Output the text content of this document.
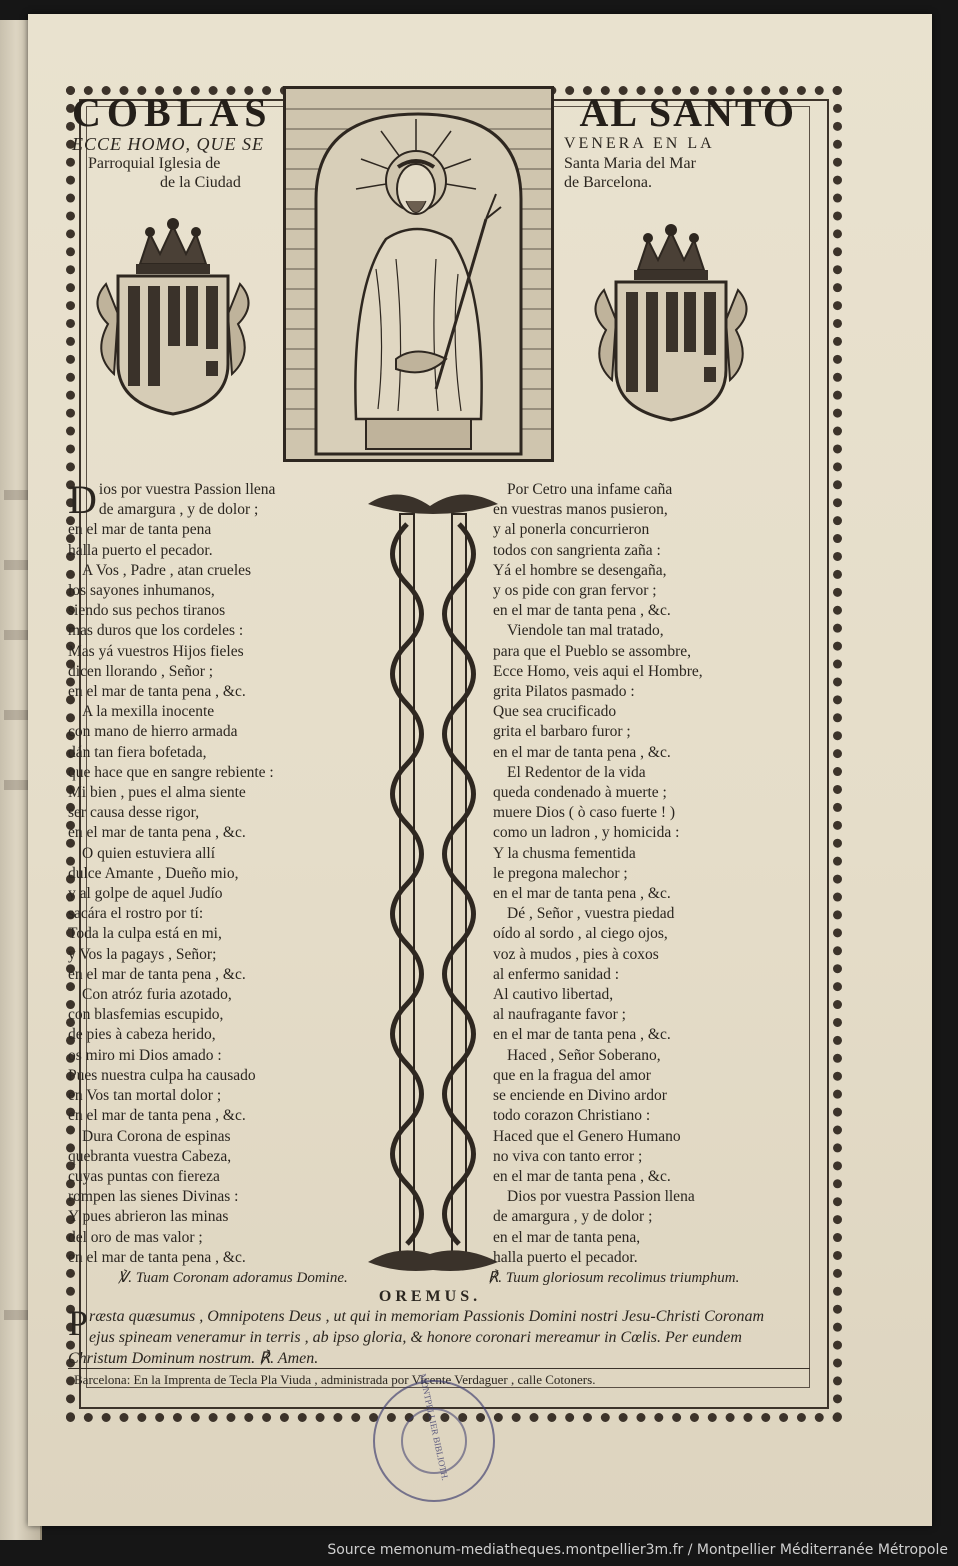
COBLAS
ECCE HOMO, QUE SE
Parroquial Iglesia de
de la Ciudad
AL SANTO
VENERA EN LA
Santa Maria del Mar
de Barcelona.
D ios por vuestra Passion llena
de amargura , y de dolor ;
en el mar de tanta pena
halla puerto el pecador.
A Vos , Padre , atan crueles
los sayones inhumanos,
siendo sus pechos tiranos
mas duros que los cordeles :
Mas yá vuestros Hijos fieles
dicen llorando , Señor ;
en el mar de tanta pena , &c.
A la mexilla inocente
con mano de hierro armada
dán tan fiera bofetada,
que hace que en sangre rebiente :
Mi bien , pues el alma siente
ser causa desse rigor,
en el mar de tanta pena , &c.
O quien estuviera allí
dulce Amante , Dueño mio,
y al golpe de aquel Judío
sacára el rostro por tí:
Toda la culpa está en mi,
y Vos la pagays , Señor;
en el mar de tanta pena , &c.
Con atróz furia azotado,
con blasfemias escupido,
de pies à cabeza herido,
os miro mi Dios amado :
Pues nuestra culpa ha causado
en Vos tan mortal dolor ;
en el mar de tanta pena , &c.
Dura Corona de espinas
quebranta vuestra Cabeza,
cuyas puntas con fiereza
rompen las sienes Divinas :
Y pues abrieron las minas
del oro de mas valor ;
en el mar de tanta pena , &c.
Por Cetro una infame caña
en vuestras manos pusieron,
y al ponerla concurrieron
todos con sangrienta zaña :
Yá el hombre se desengaña,
y os pide con gran fervor ;
en el mar de tanta pena , &c.
Viendole tan mal tratado,
para que el Pueblo se assombre,
Ecce Homo, veis aqui el Hombre,
grita Pilatos pasmado :
Que sea crucificado
grita el barbaro furor ;
en el mar de tanta pena , &c.
El Redentor de la vida
queda condenado à muerte ;
muere Dios ( ò caso fuerte ! )
como un ladron , y homicida :
Y la chusma fementida
le pregona malechor ;
en el mar de tanta pena , &c.
Dé , Señor , vuestra piedad
oído al sordo , al ciego ojos,
voz à mudos , pies à coxos
al enfermo sanidad :
Al cautivo libertad,
al naufragante favor ;
en el mar de tanta pena , &c.
Haced , Señor Soberano,
que en la fragua del amor
se enciende en Divino ardor
todo corazon Christiano :
Haced que el Genero Humano
no viva con tanto error ;
en el mar de tanta pena , &c.
Dios por vuestra Passion llena
de amargura , y de dolor ;
en el mar de tanta pena,
halla puerto el pecador.
℣. Tuam Coronam adoramus Domine.	℟. Tuum gloriosum recolimus triumphum.
OREMUS.
Præsta quæsumus , Omnipotens Deus , ut qui in memoriam Passionis Domini nostri Jesu-Christi Coronam ejus spineam veneramur in terris , ab ipso gloria, & honore coronari mereamur in Cœlis. Per eundem Christum Dominum nostrum. ℟. Amen.
Barcelona: En la Imprenta de Tecla Pla Viuda , administrada por Vicente Verdaguer , calle Cotoners.
MONTPELLIER BIBLIOTH.
Source memonum-mediatheques.montpellier3m.fr / Montpellier Méditerranée Métropole
